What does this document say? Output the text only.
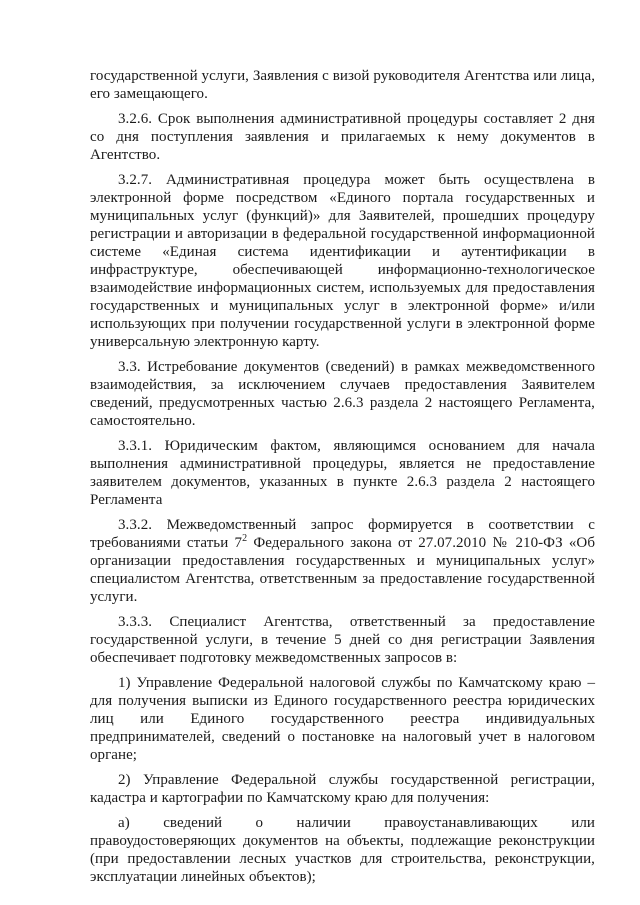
государственной услуги, Заявления с визой руководителя Агентства или лица, его замещающего.

3.2.6. Срок выполнения административной процедуры составляет 2 дня со дня поступления заявления и прилагаемых к нему документов в Агентство.

3.2.7. Административная процедура может быть осуществлена в электронной форме посредством «Единого портала государственных и муниципальных услуг (функций)» для Заявителей, прошедших процедуру регистрации и авторизации в федеральной государственной информационной системе «Единая система идентификации и аутентификации в инфраструктуре, обеспечивающей информационно-технологическое взаимодействие информационных систем, используемых для предоставления государственных и муниципальных услуг в электронной форме» и/или использующих при получении государственной услуги в электронной форме универсальную электронную карту.

3.3. Истребование документов (сведений) в рамках межведомственного взаимодействия, за исключением случаев предоставления Заявителем сведений, предусмотренных частью 2.6.3 раздела 2 настоящего Регламента, самостоятельно.

3.3.1. Юридическим фактом, являющимся основанием для начала выполнения административной процедуры, является не предоставление заявителем документов, указанных в пункте 2.6.3 раздела 2 настоящего Регламента

3.3.2. Межведомственный запрос формируется в соответствии с требованиями статьи $7^2$ Федерального закона от 27.07.2010 № 210-ФЗ «Об организации предоставления государственных и муниципальных услуг» специалистом Агентства, ответственным за предоставление государственной услуги.

3.3.3. Специалист Агентства, ответственный за предоставление государственной услуги, в течение 5 дней со дня регистрации Заявления обеспечивает подготовку межведомственных запросов в:

1) Управление Федеральной налоговой службы по Камчатскому краю – для получения выписки из Единого государственного реестра юридических лиц или Единого государственного реестра индивидуальных предпринимателей, сведений о постановке на налоговый учет в налоговом органе;

2) Управление Федеральной службы государственной регистрации, кадастра и картографии по Камчатскому краю для получения:

а) сведений о наличии правоустанавливающих или правоудостоверяющих документов на объекты, подлежащие реконструкции (при предоставлении лесных участков для строительства, реконструкции, эксплуатации линейных объектов);
